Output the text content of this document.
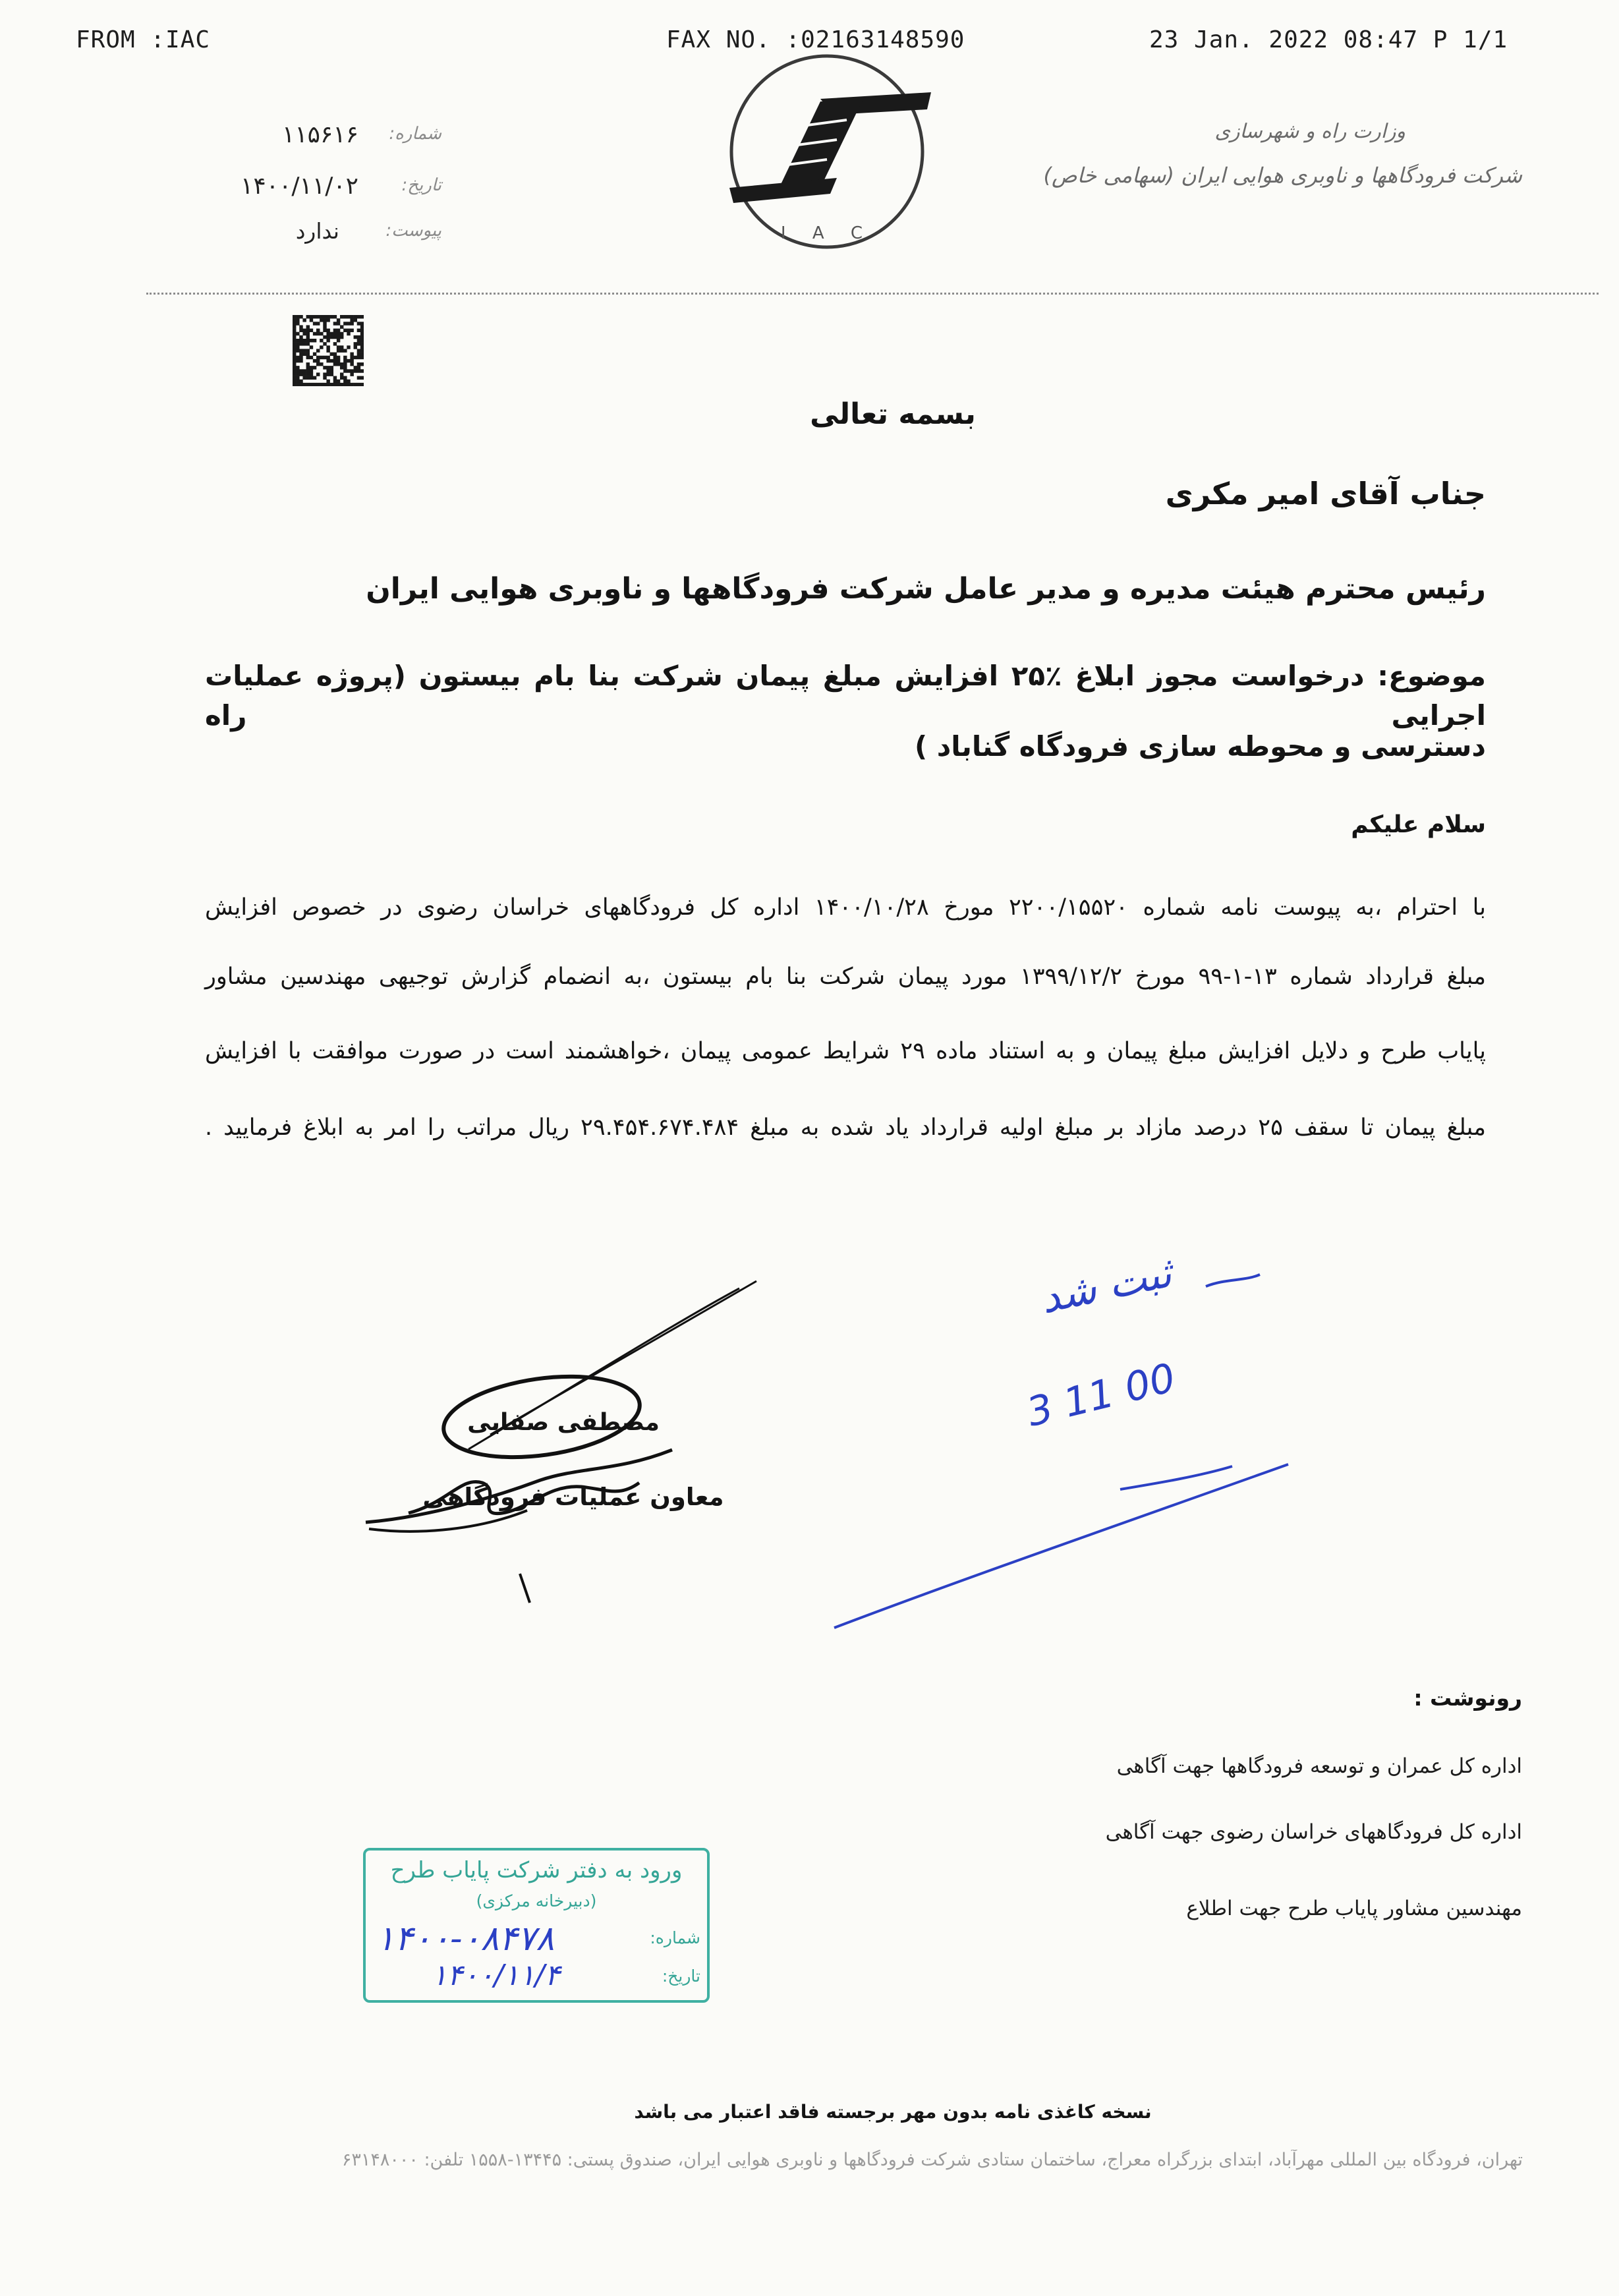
FROM :IAC	FAX NO. :02163148590	23 Jan. 2022 08:47 P 1/1
۱۱۵۶۱۶ شماره:
۱۴۰۰/۱۱/۰۲	تاریخ:
ندارد	پیوست:	I A C
وزارت راه و شهرسازی
شرکت فرودگاهها و ناوبری هوایی ایران (سهامی خاص)
بسمه تعالی
جناب آقای امیر مکری
رئیس محترم هیئت مدیره و مدیر عامل شرکت فرودگاهها و ناوبری هوایی ایران
موضوع: درخواست مجوز ابلاغ ٪۲۵ افزایش مبلغ پیمان شرکت بنا بام بیستون (پروژه عملیات اجرایی راه
دسترسی و محوطه سازی فرودگاه گناباد )
سلام علیکم
با احترام ،به پیوست نامه شماره ۲۲۰۰/۱۵۵۲۰ مورخ ۱۴۰۰/۱۰/۲۸ اداره کل فرودگاههای خراسان رضوی در خصوص افزایش
مبلغ قرارداد شماره ۱۳-۱-۹۹ مورخ ۱۳۹۹/۱۲/۲ مورد پیمان شرکت بنا بام بیستون ،به انضمام گزارش توجیهی مهندسین مشاور
پایاب طرح و دلایل افزایش مبلغ پیمان و به استناد ماده ۲۹ شرایط عمومی پیمان ،خواهشمند است در صورت موافقت با افزایش
مبلغ پیمان تا سقف ۲۵ درصد مازاد بر مبلغ اولیه قرارداد یاد شده به مبلغ ۲۹.۴۵۴.۶۷۴.۴۸۴ ریال مراتب را امر به ابلاغ فرمایید .
مصطفی صفایی
معاون عملیات فرودگاهی
ثبت شد
3 11 00
رونوشت :
اداره کل عمران و توسعه فرودگاهها جهت آگاهی
اداره کل فرودگاههای خراسان رضوی جهت آگاهی
مهندسین مشاور پایاب طرح جهت اطلاع
ورود به دفتر شرکت پایاب طرح
(دبیرخانه مرکزی)
شماره:
۱۴۰۰-۰۸۴۷۸
تاریخ:
۱۴۰۰/۱۱/۴
نسخه کاغذی نامه بدون مهر برجسته فاقد اعتبار می باشد
تهران، فرودگاه بین المللی مهرآباد، ابتدای بزرگراه معراج، ساختمان ستادی شرکت فرودگاهها و ناوبری هوایی ایران، صندوق پستی: ۱۳۴۴۵-۱۵۵۸ تلفن: ۶۳۱۴۸۰۰۰
